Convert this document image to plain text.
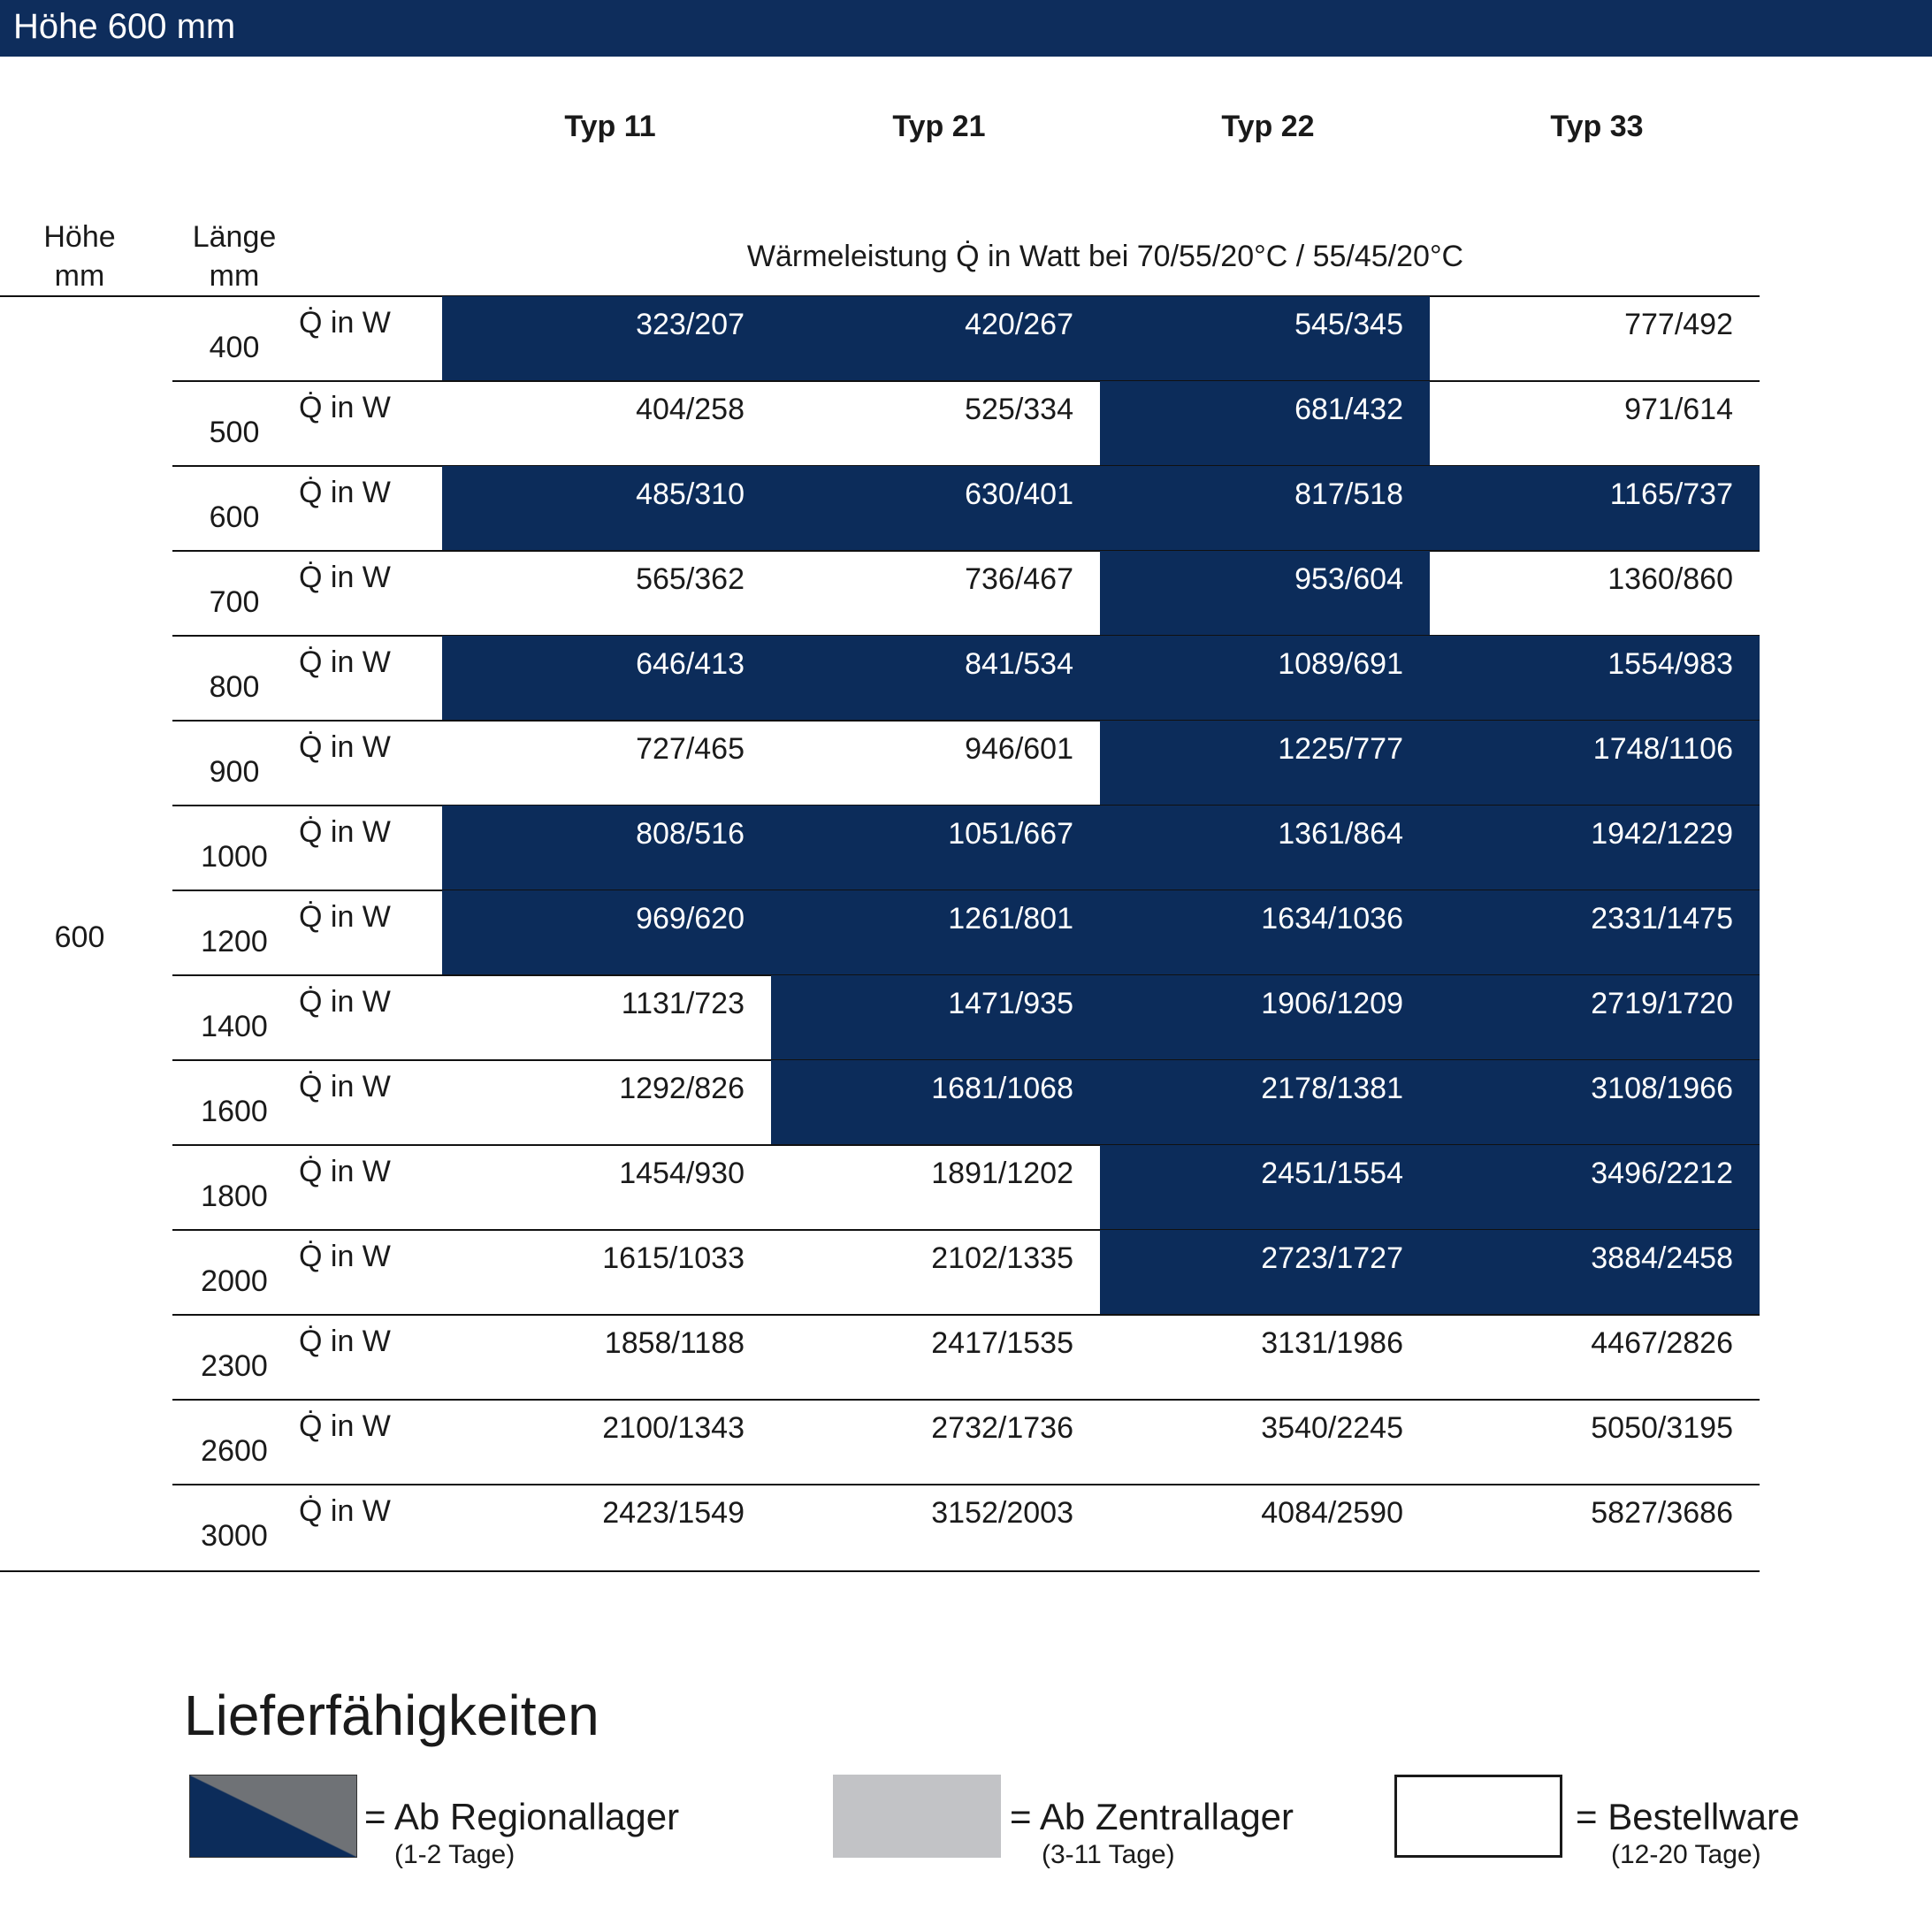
Höhe 600 mm
Typ 11	Typ 21	Typ 22	Typ 33
Höhe
mm
Länge
mm
Wärmeleistung Q̇ in Watt bei 70/55/20°C / 55/45/20°C
400
Q̇ in W	323/207	420/267	545/345	777/492
500
Q̇ in W	404/258	525/334	681/432	971/614
600
Q̇ in W	485/310	630/401	817/518	1165/737
700
Q̇ in W	565/362	736/467	953/604	1360/860
800
Q̇ in W	646/413	841/534	1089/691	1554/983
900
Q̇ in W	727/465	946/601	1225/777	1748/1106
1000
Q̇ in W	808/516	1051/667	1361/864	1942/1229
1200
Q̇ in W	969/620	1261/801	1634/1036	2331/1475
1400
Q̇ in W	1131/723	1471/935	1906/1209	2719/1720
1600
Q̇ in W	1292/826	1681/1068	2178/1381	3108/1966
1800
Q̇ in W	1454/930	1891/1202	2451/1554	3496/2212
2000
Q̇ in W	1615/1033	2102/1335	2723/1727	3884/2458
2300
Q̇ in W	1858/1188	2417/1535	3131/1986	4467/2826
2600
Q̇ in W	2100/1343	2732/1736	3540/2245	5050/3195
3000
Q̇ in W	2423/1549	3152/2003	4084/2590	5827/3686
600
Lieferfähigkeiten
= Ab Regionallager
(1-2 Tage)
= Ab Zentrallager
(3-11 Tage)
= Bestellware
(12-20 Tage)
